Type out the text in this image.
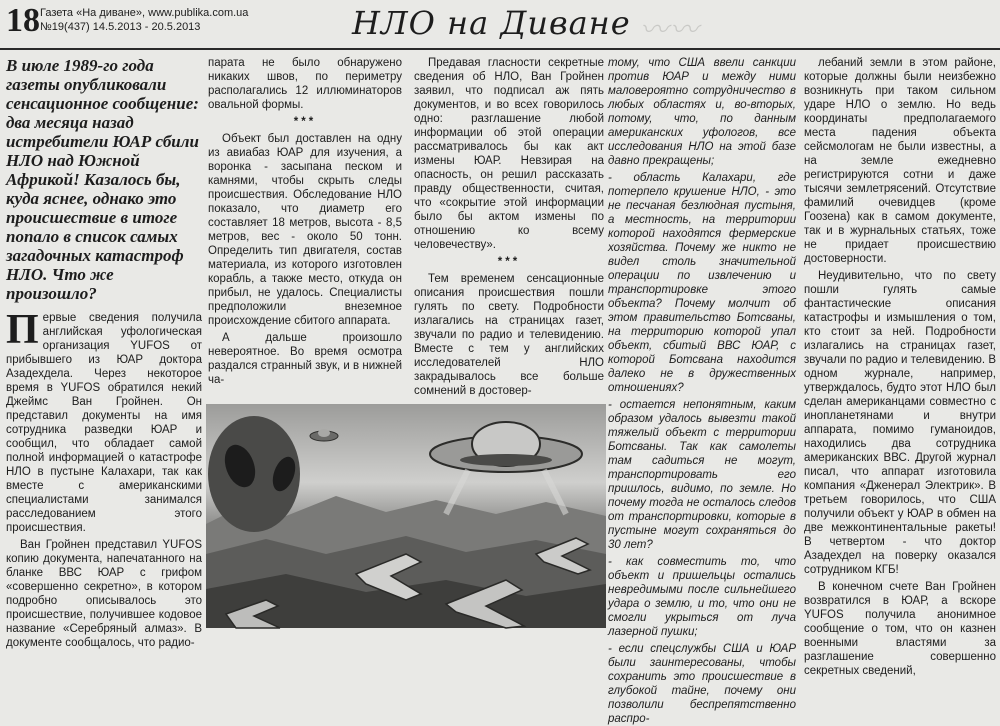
18 Газета «На диване», www.publika.com.ua
№19(437) 14.5.2013 - 20.5.2013	НЛО на Диване 〰〰
В июле 1989-го года газеты опубликовали сенсационное сообщение: два месяца назад истребители ЮАР сбили НЛО над Южной Африкой! Казалось бы, куда яснее, однако это происшествие в итоге попало в список самых загадочных катастроф НЛО. Что же произошло?

Первые сведения получила английская уфологическая организация YUFOS от прибывшего из ЮАР доктора Азадехдела. Через некоторое время в YUFOS обратился некий Джеймс Ван Гройнен. Он представил документы на имя сотрудника разведки ЮАР и сообщил, что обладает самой полной информацией о катастрофе НЛО в пустыне Калахари, так как вместе с американскими специалистами занимался расследованием этого происшествия.

Ван Гройнен представил YUFOS копию документа, напечатанного на бланке ВВС ЮАР с грифом «совершенно секретно», в котором подробно описывалось это происшествие, получившее кодовое название «Серебряный алмаз». В документе сообщалось, что радио-

парата не было обнаружено никаких швов, по периметру располагались 12 иллюминаторов овальной формы.

***

Объект был доставлен на одну из авиабаз ЮАР для изучения, а воронка - засыпана песком и камнями, чтобы скрыть следы происшествия. Обследование НЛО показало, что диаметр его составляет 18 метров, высота - 8,5 метров, вес - около 50 тонн. Определить тип двигателя, состав материала, из которого изготовлен корабль, а также место, откуда он прибыл, не удалось. Специалисты предположили внеземное происхождение сбитого аппарата.

А дальше произошло невероятное. Во время осмотра раздался странный звук, и в нижней ча-

Предавая гласности секретные сведения об НЛО, Ван Гройнен заявил, что подписал аж пять документов, и во всех говорилось одно: разглашение любой информации об этой операции рассматривалось бы как акт измены ЮАР. Невзирая на опасность, он решил рассказать правду общественности, считая, что «сокрытие этой информации было бы актом измены по отношению ко всему человечеству».

***

Тем временем сенсационные описания происшествия пошли гулять по свету. Подробности излагались на страницах газет, звучали по радио и телевидению. Вместе с тем у английских исследователей НЛО закрадывалось все больше сомнений в достовер-

тому, что США ввели санкции против ЮАР и между ними маловероятно сотрудничество в любых областях и, во-вторых, потому, что, по данным американских уфологов, все исследования НЛО на этой базе давно прекращены;

- область Калахари, где потерпело крушение НЛО, - это не песчаная безлюдная пустыня, а местность, на территории которой находятся фермерские хозяйства. Почему же никто не видел столь значительной операции по извлечению и транспортировке этого объекта? Почему молчит об этом правительство Ботсваны, на территорию которой упал объект, сбитый ВВС ЮАР, с которой Ботсвана находится далеко не в дружественных отношениях?

- остается непонятным, каким образом удалось вывезти такой тяжелый объект с территории Ботсваны. Так как самолеты там садиться не могут, транспортировать его пришлось, видимо, по земле. Но почему тогда не осталось следов от транспортировки, которые в пустыне могут сохраняться до 30 лет?

- как совместить то, что объект и пришельцы остались невредимыми после сильнейшего удара о землю, и то, что они не смогли укрыться от луча лазерной пушки;

- если спецслужбы США и ЮАР были заинтересованы, чтобы сохранить это происшествие в глубокой тайне, почему они позволили беспрепятственно распро-

лебаний земли в этом районе, которые должны были неизбежно возникнуть при таком сильном ударе НЛО о землю. Но ведь координаты предполагаемого места падения объекта сейсмологам не были известны, а на земле ежедневно регистрируются сотни и даже тысячи землетрясений. Отсутствие фамилий очевидцев (кроме Гоозена) как в самом документе, так и в журнальных статьях, тоже не придает происшествию достоверности.

Неудивительно, что по свету пошли гулять самые фантастические описания катастрофы и измышления о том, кто стоит за ней. Подробности излагались на страницах газет, звучали по радио и телевидению. В одном журнале, например, утверждалось, будто этот НЛО был сделан американцами совместно с инопланетянами и внутри аппарата, помимо гуманоидов, находились два сотрудника американских ВВС. Другой журнал писал, что аппарат изготовила компания «Дженерал Электрик». В третьем говорилось, что США получили объект у ЮАР в обмен на две межконтинентальные ракеты! В четвертом - что доктор Азадехдел на поверку оказался сотрудником КГБ!

В конечном счете Ван Гройнен возвратился в ЮАР, а вскоре YUFOS получила анонимное сообщение о том, что он казнен военными властями за разглашение совершенно секретных сведений,
